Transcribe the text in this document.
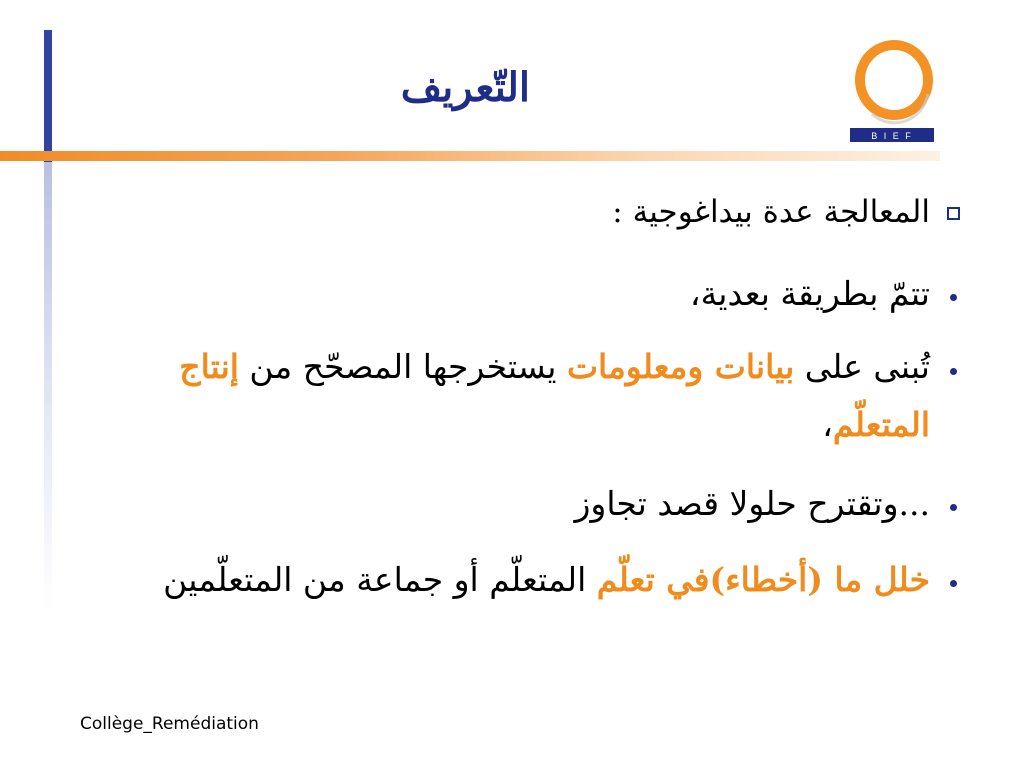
التّعريف
B I E F

المعالجة عدة بيداغوجية :

تتمّ بطريقة بعدية،

تُبنى على بيانات ومعلومات يستخرجها المصحّح من إنتاج المتعلّم،

...وتقترح حلولا قصد تجاوز

خلل ما (أخطاء)في تعلّم المتعلّم أو جماعة من المتعلّمين

Collège_Remédiation
